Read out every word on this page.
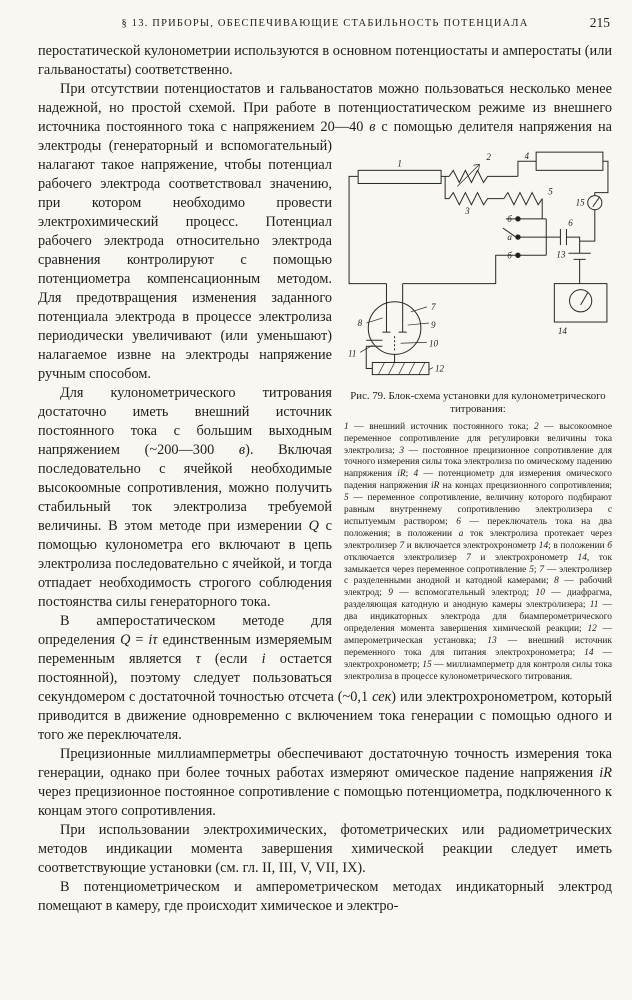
§ 13. ПРИБОРЫ, ОБЕСПЕЧИВАЮЩИЕ СТАБИЛЬНОСТЬ ПОТЕНЦИАЛА	215

перостатической кулонометрии используются в основном потенциостаты и амперостаты (или гальваностаты) соответственно.

При отсутствии потенциостатов и гальваностатов можно пользоваться несколько менее надежной, но простой схемой. При работе в потенциостатическом режиме из внешнего источника постоянного тока с напряжением 20—40 в с помощью делителя напряжения на электроды
1
2
3
4
5
6
7
8	9
10
11
12
13
14
15
б
а
б
Рис. 79. Блок-схема установки для кулонометрического титрования:
1 — внешний источник постоянного тока; 2 — высокоомное переменное сопротивление для регулировки величины тока электролиза; 3 — постоянное прецизионное сопротивление для точного измерения силы тока электролиза по омическому падению напряжения iR; 4 — потенциометр для измерения омического падения напряжения iR на концах прецизионного сопротивления; 5 — переменное сопротивление, величину которого подбирают равным внутреннему сопротивлению электролизера с испытуемым раствором; 6 — переключатель тока на два положения; в положении а ток электролиза протекает через электролизер 7 и включается электрохронометр 14; в положении б отключается электролизер 7 и электрохронометр 14, ток замыкается через переменное сопротивление 5; 7 — электролизер с разделенными анодной и катодной камерами; 8 — рабочий электрод; 9 — вспомогательный электрод; 10 — диафрагма, разделяющая катодную и анодную камеры электролизера; 11 — два индикаторных электрода для биамперометрического определения момента завершения химической реакции; 12 — амперометрическая установка; 13 — внешний источник переменного тока для питания электрохронометра; 14 — электрохронометр; 15 — миллиамперметр для контроля силы тока электролиза в процессе кулонометрического титрования.
(генераторный и вспомогательный) налагают такое напряжение, чтобы потенциал рабочего электрода соответствовал значению, при котором необходимо провести электрохимический процесс. Потенциал рабочего электрода относительно электрода сравнения контролируют с помощью потенциометра компенсационным методом. Для предотвращения изменения заданного потенциала электрода в процессе электролиза периодически увеличивают (или уменьшают) налагаемое извне на электроды напряжение ручным способом.

Для кулонометрического титрования достаточно иметь внешний источник постоянного тока с большим выходным напряжением (~200—300 в). Включая последовательно с ячейкой необходимые высокоомные сопротивления, можно получить стабильный ток электролиза требуемой величины. В этом методе при измерении Q с помощью кулонометра его включают в цепь электролиза последовательно с ячейкой, и тогда отпадает необходимость строгого соблюдения постоянства силы генераторного тока.

В амперостатическом методе для определения Q = iτ единственным измеряемым переменным является τ (если i остается постоянной), поэтому следует пользоваться секундомером с достаточной точностью отсчета (~0,1 сек) или электрохронометром, который приводится в движение одновременно с включением тока генерации с помощью одного и того же переключателя.

Прецизионные миллиамперметры обеспечивают достаточную точность измерения тока генерации, однако при более точных работах измеряют омическое падение напряжения iR через прецизионное постоянное сопротивление с помощью потенциометра, подключенного к концам этого сопротивления.

При использовании электрохимических, фотометрических или радиометрических методов индикации момента завершения химической реакции следует иметь соответствующие установки (см. гл. II, III, V, VII, IX).

В потенциометрическом и амперометрическом методах индикаторный электрод помещают в камеру, где происходит химическое и электро-
